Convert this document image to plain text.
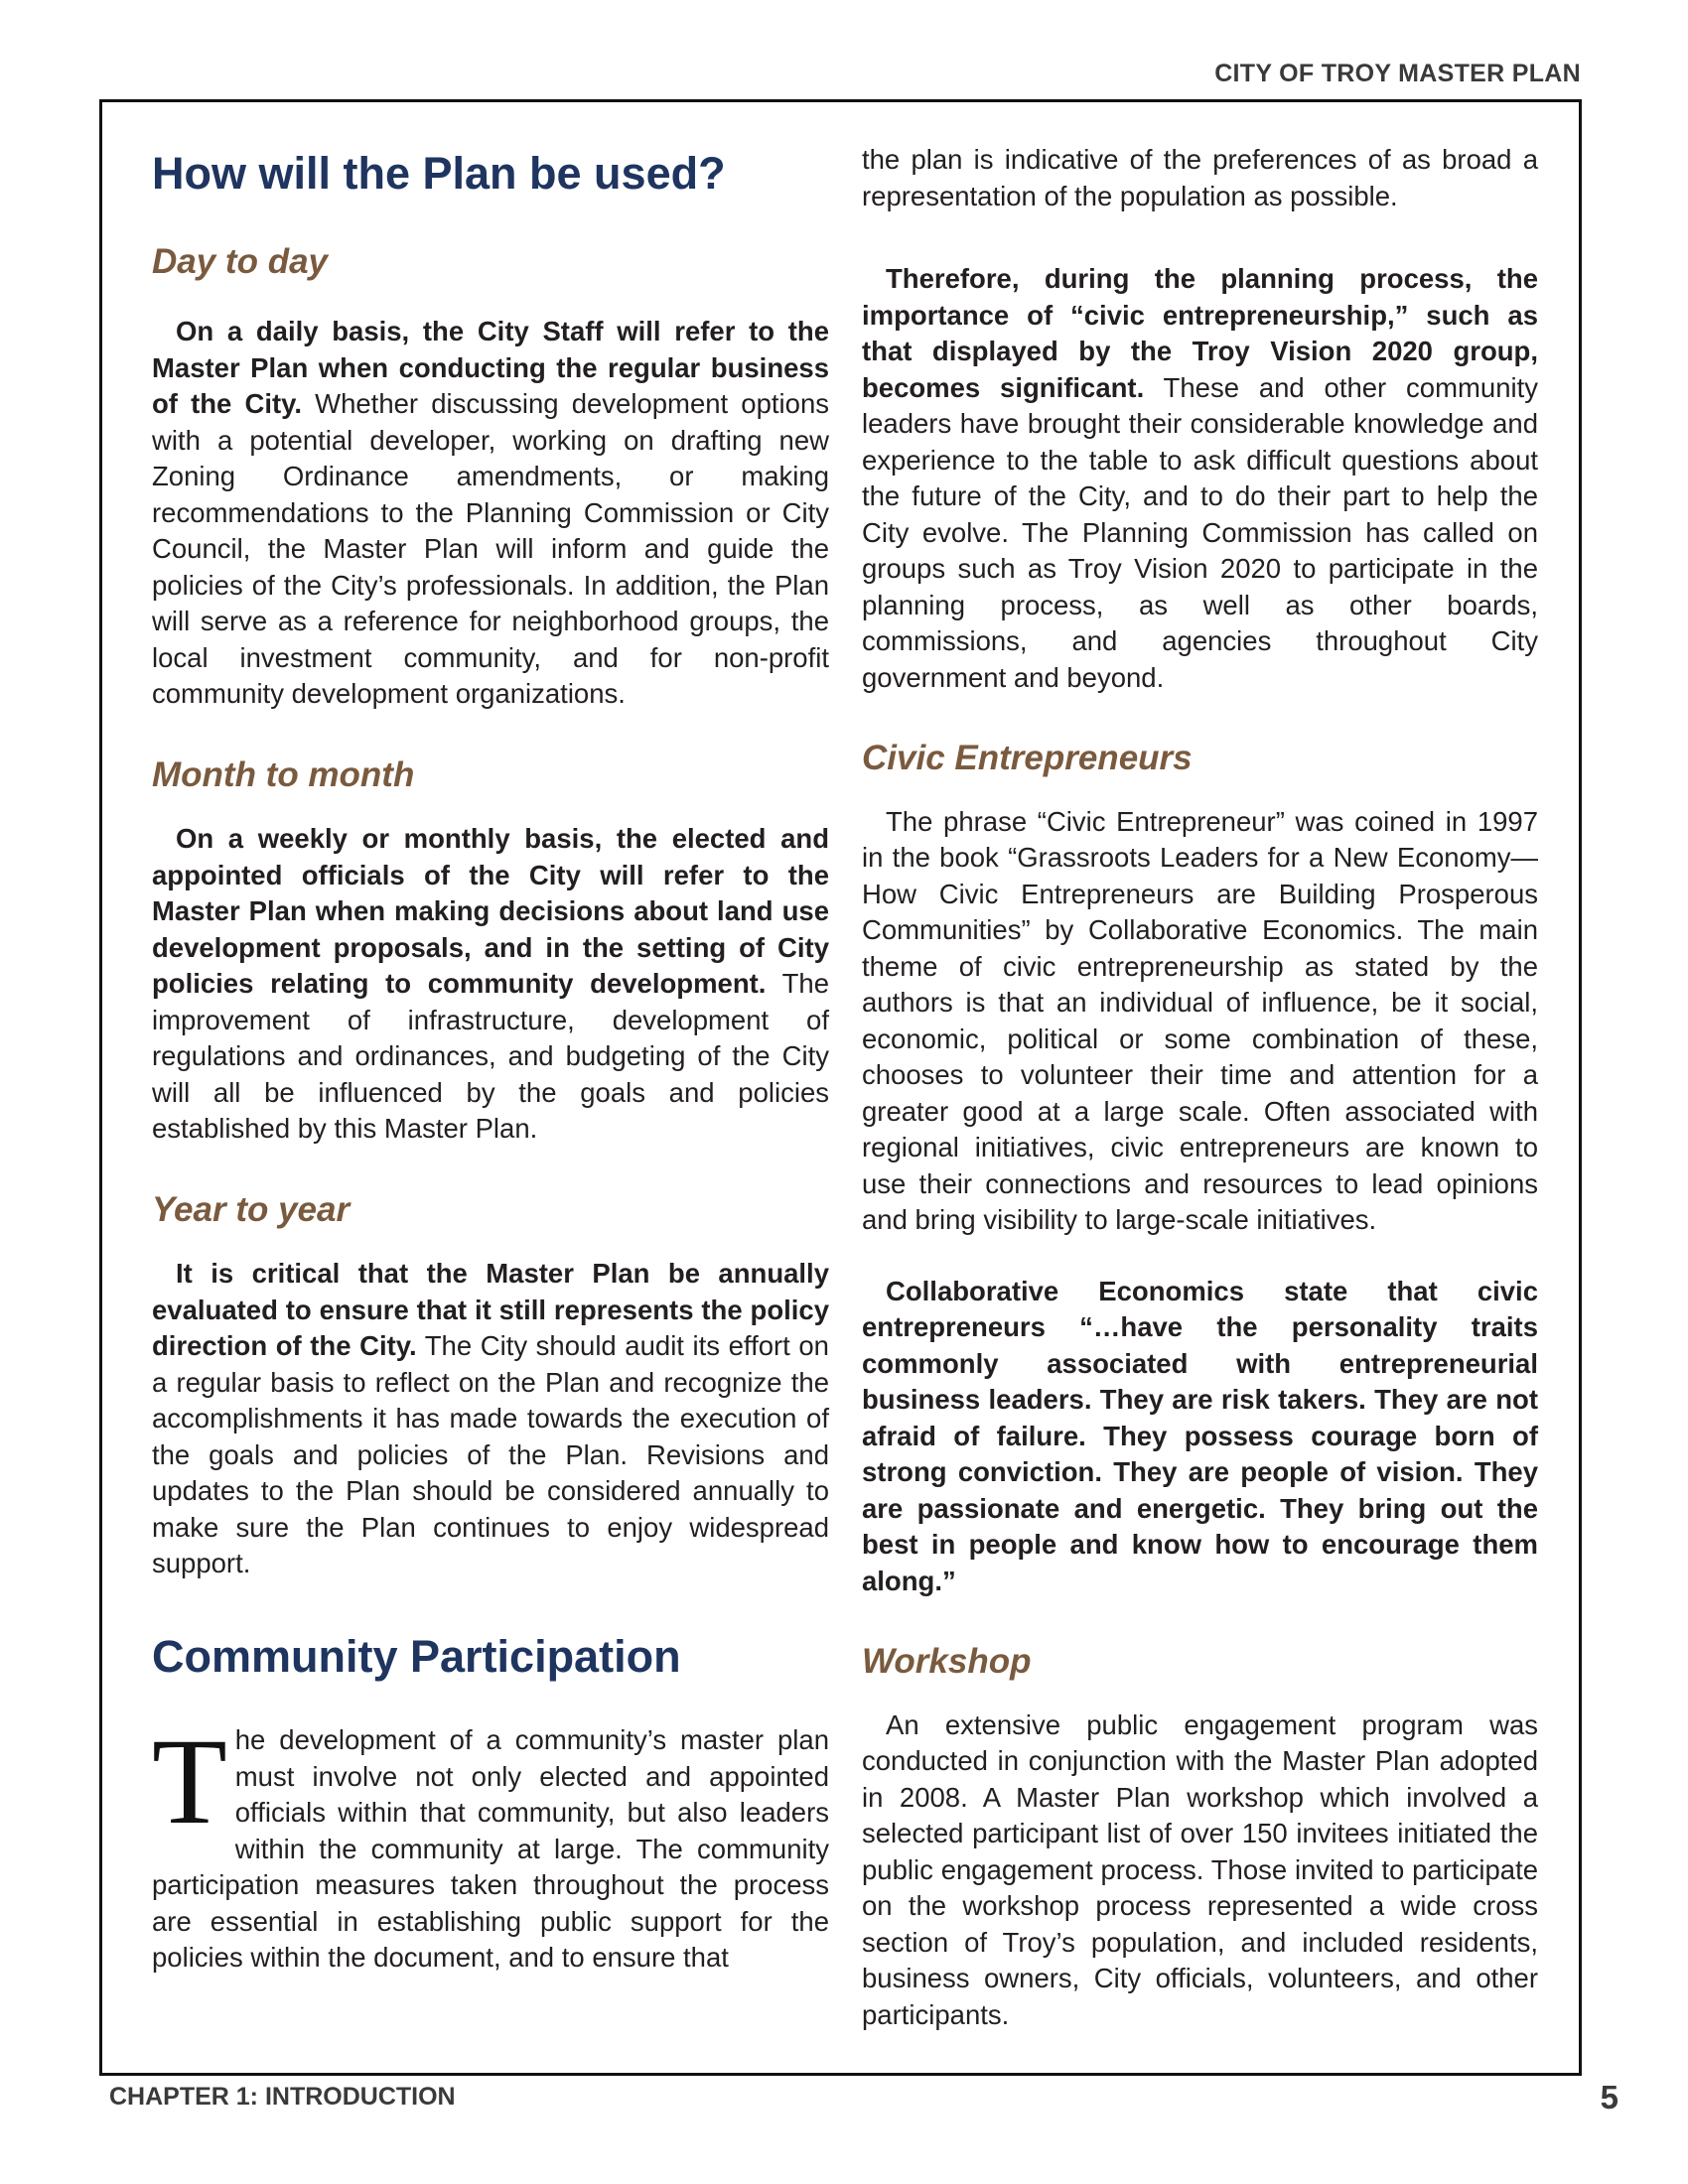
CITY OF TROY MASTER PLAN
How will the Plan be used?
Day to day

On a daily basis, the City Staff will refer to the Master Plan when conducting the regular business of the City. Whether discussing development options with a potential developer, working on drafting new Zoning Ordinance amendments, or making recommendations to the Planning Commission or City Council, the Master Plan will inform and guide the policies of the City’s professionals. In addition, the Plan will serve as a reference for neighborhood groups, the local investment community, and for non-profit community development organizations.

Month to month

On a weekly or monthly basis, the elected and appointed officials of the City will refer to the Master Plan when making decisions about land use development proposals, and in the setting of City policies relating to community development. The improvement of infrastructure, development of regulations and ordinances, and budgeting of the City will all be influenced by the goals and policies established by this Master Plan.

Year to year

It is critical that the Master Plan be annually evaluated to ensure that it still represents the policy direction of the City. The City should audit its effort on a regular basis to reflect on the Plan and recognize the accomplishments it has made towards the execution of the goals and policies of the Plan. Revisions and updates to the Plan should be considered annually to make sure the Plan continues to enjoy widespread support.

Community Participation

The development of a community’s master plan must involve not only elected and appointed officials within that community, but also leaders within the community at large. The community participation measures taken throughout the process are essential in establishing public support for the policies within the document, and to ensure that

the plan is indicative of the preferences of as broad a representation of the population as possible.

Therefore, during the planning process, the importance of “civic entrepreneurship,” such as that displayed by the Troy Vision 2020 group, becomes significant. These and other community leaders have brought their considerable knowledge and experience to the table to ask difficult questions about the future of the City, and to do their part to help the City evolve. The Planning Commission has called on groups such as Troy Vision 2020 to participate in the planning process, as well as other boards, commissions, and agencies throughout City government and beyond.

Civic Entrepreneurs

The phrase “Civic Entrepreneur” was coined in 1997 in the book “Grassroots Leaders for a New Economy—How Civic Entrepreneurs are Building Prosperous Communities” by Collaborative Economics. The main theme of civic entrepreneurship as stated by the authors is that an individual of influence, be it social, economic, political or some combination of these, chooses to volunteer their time and attention for a greater good at a large scale. Often associated with regional initiatives, civic entrepreneurs are known to use their connections and resources to lead opinions and bring visibility to large-scale initiatives.

Collaborative Economics state that civic entrepreneurs “…have the personality traits commonly associated with entrepreneurial business leaders. They are risk takers. They are not afraid of failure. They possess courage born of strong conviction. They are people of vision. They are passionate and energetic. They bring out the best in people and know how to encourage them along.”

Workshop

An extensive public engagement program was conducted in conjunction with the Master Plan adopted in 2008. A Master Plan workshop which involved a selected participant list of over 150 invitees initiated the public engagement process. Those invited to participate on the workshop process represented a wide cross section of Troy’s population, and included residents, business owners, City officials, volunteers, and other participants.

CHAPTER 1: INTRODUCTION	5
